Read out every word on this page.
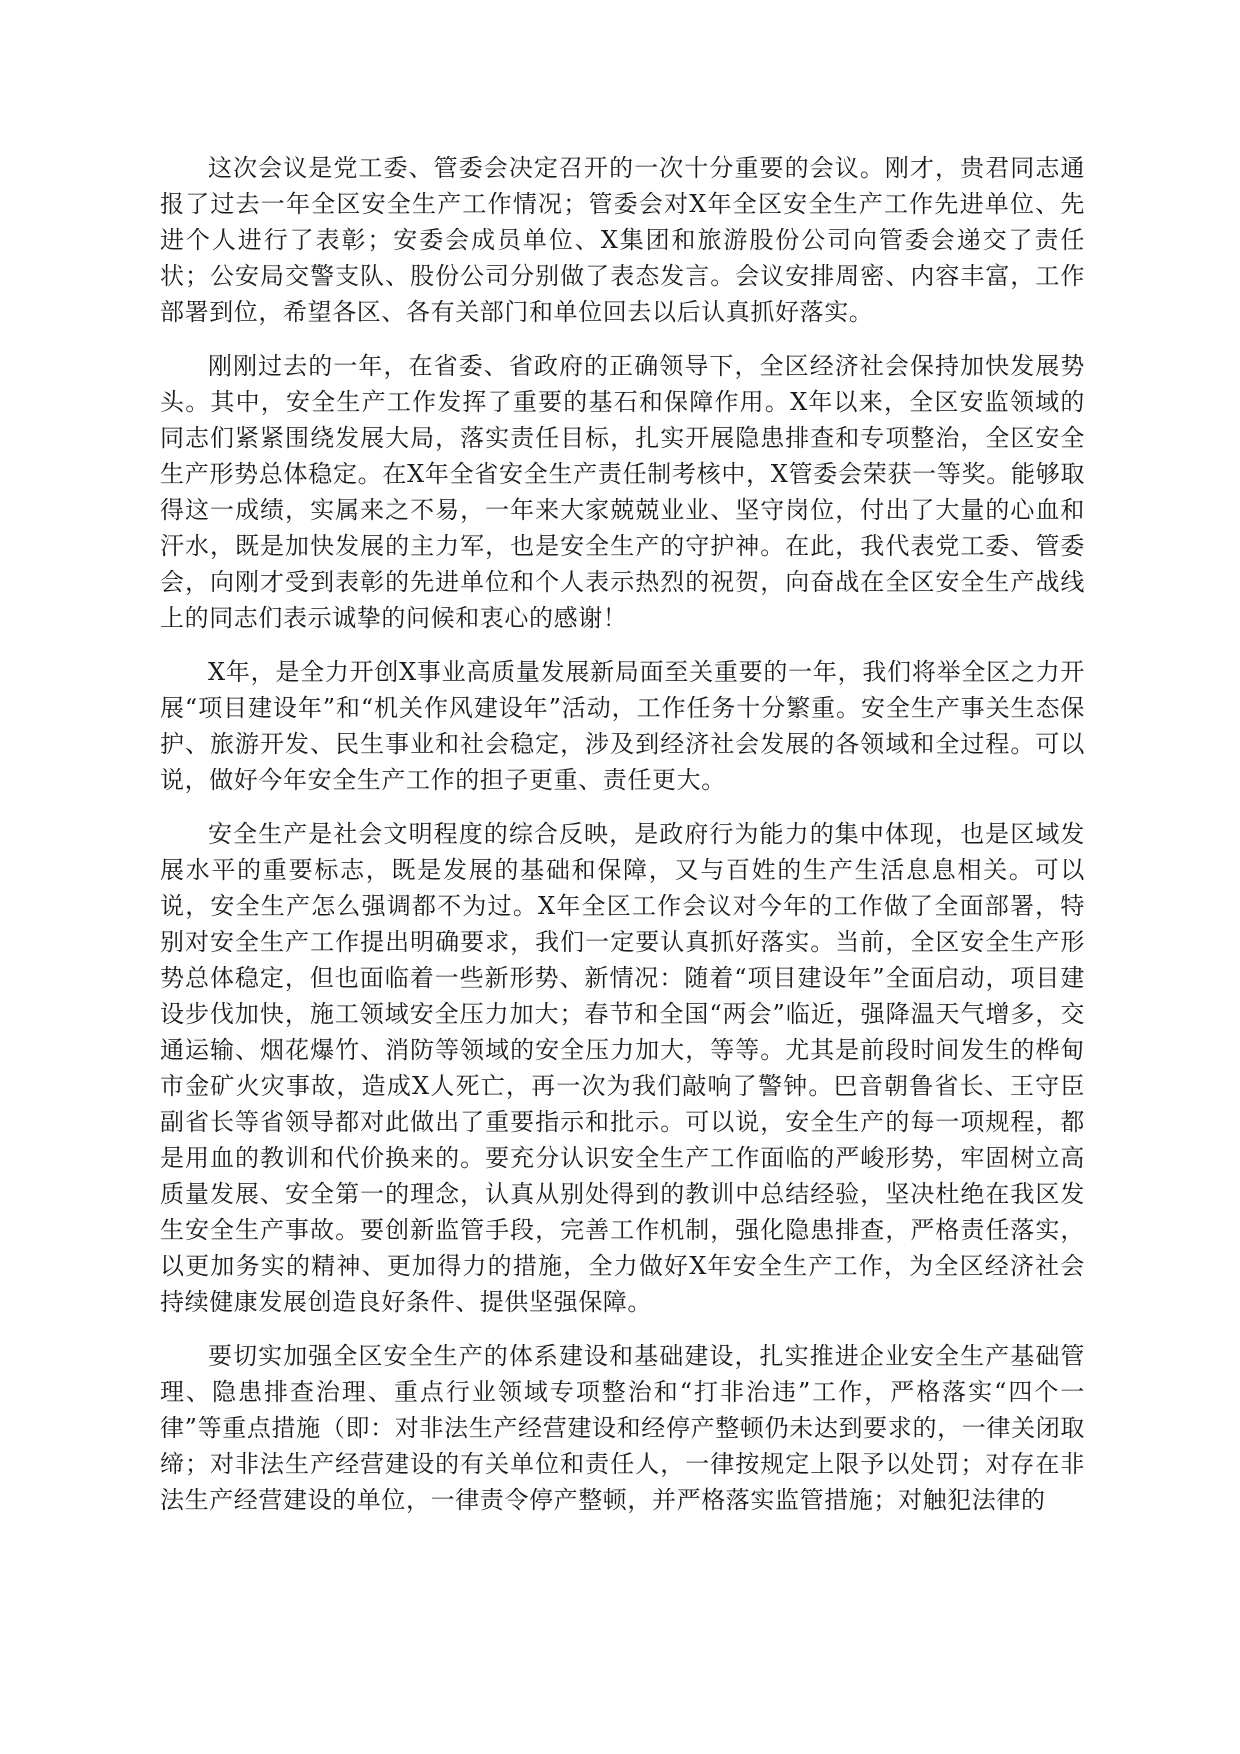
这次会议是党工委、管委会决定召开的一次十分重要的会议。刚才，贵君同志通报了过去一年全区安全生产工作情况；管委会对X年全区安全生产工作先进单位、先进个人进行了表彰；安委会成员单位、X集团和旅游股份公司向管委会递交了责任状；公安局交警支队、股份公司分别做了表态发言。会议安排周密、内容丰富，工作部署到位，希望各区、各有关部门和单位回去以后认真抓好落实。

刚刚过去的一年，在省委、省政府的正确领导下，全区经济社会保持加快发展势头。其中，安全生产工作发挥了重要的基石和保障作用。X年以来，全区安监领域的同志们紧紧围绕发展大局，落实责任目标，扎实开展隐患排查和专项整治，全区安全生产形势总体稳定。在X年全省安全生产责任制考核中，X管委会荣获一等奖。能够取得这一成绩，实属来之不易，一年来大家兢兢业业、坚守岗位，付出了大量的心血和汗水，既是加快发展的主力军，也是安全生产的守护神。在此，我代表党工委、管委会，向刚才受到表彰的先进单位和个人表示热烈的祝贺，向奋战在全区安全生产战线上的同志们表示诚挚的问候和衷心的感谢！

X年，是全力开创X事业高质量发展新局面至关重要的一年，我们将举全区之力开展“项目建设年”和“机关作风建设年”活动，工作任务十分繁重。安全生产事关生态保护、旅游开发、民生事业和社会稳定，涉及到经济社会发展的各领域和全过程。可以说，做好今年安全生产工作的担子更重、责任更大。

安全生产是社会文明程度的综合反映，是政府行为能力的集中体现，也是区域发展水平的重要标志，既是发展的基础和保障，又与百姓的生产生活息息相关。可以说，安全生产怎么强调都不为过。X年全区工作会议对今年的工作做了全面部署，特别对安全生产工作提出明确要求，我们一定要认真抓好落实。当前，全区安全生产形势总体稳定，但也面临着一些新形势、新情况：随着“项目建设年”全面启动，项目建设步伐加快，施工领域安全压力加大；春节和全国“两会”临近，强降温天气增多，交通运输、烟花爆竹、消防等领域的安全压力加大，等等。尤其是前段时间发生的桦甸市金矿火灾事故，造成X人死亡，再一次为我们敲响了警钟。巴音朝鲁省长、王守臣副省长等省领导都对此做出了重要指示和批示。可以说，安全生产的每一项规程，都是用血的教训和代价换来的。要充分认识安全生产工作面临的严峻形势，牢固树立高质量发展、安全第一的理念，认真从别处得到的教训中总结经验，坚决杜绝在我区发生安全生产事故。要创新监管手段，完善工作机制，强化隐患排查，严格责任落实，以更加务实的精神、更加得力的措施，全力做好X年安全生产工作，为全区经济社会持续健康发展创造良好条件、提供坚强保障。

要切实加强全区安全生产的体系建设和基础建设，扎实推进企业安全生产基础管理、隐患排查治理、重点行业领域专项整治和“打非治违”工作，严格落实“四个一律”等重点措施（即：对非法生产经营建设和经停产整顿仍未达到要求的，一律关闭取缔；对非法生产经营建设的有关单位和责任人，一律按规定上限予以处罚；对存在非法生产经营建设的单位，一律责令停产整顿，并严格落实监管措施；对触犯法律的
